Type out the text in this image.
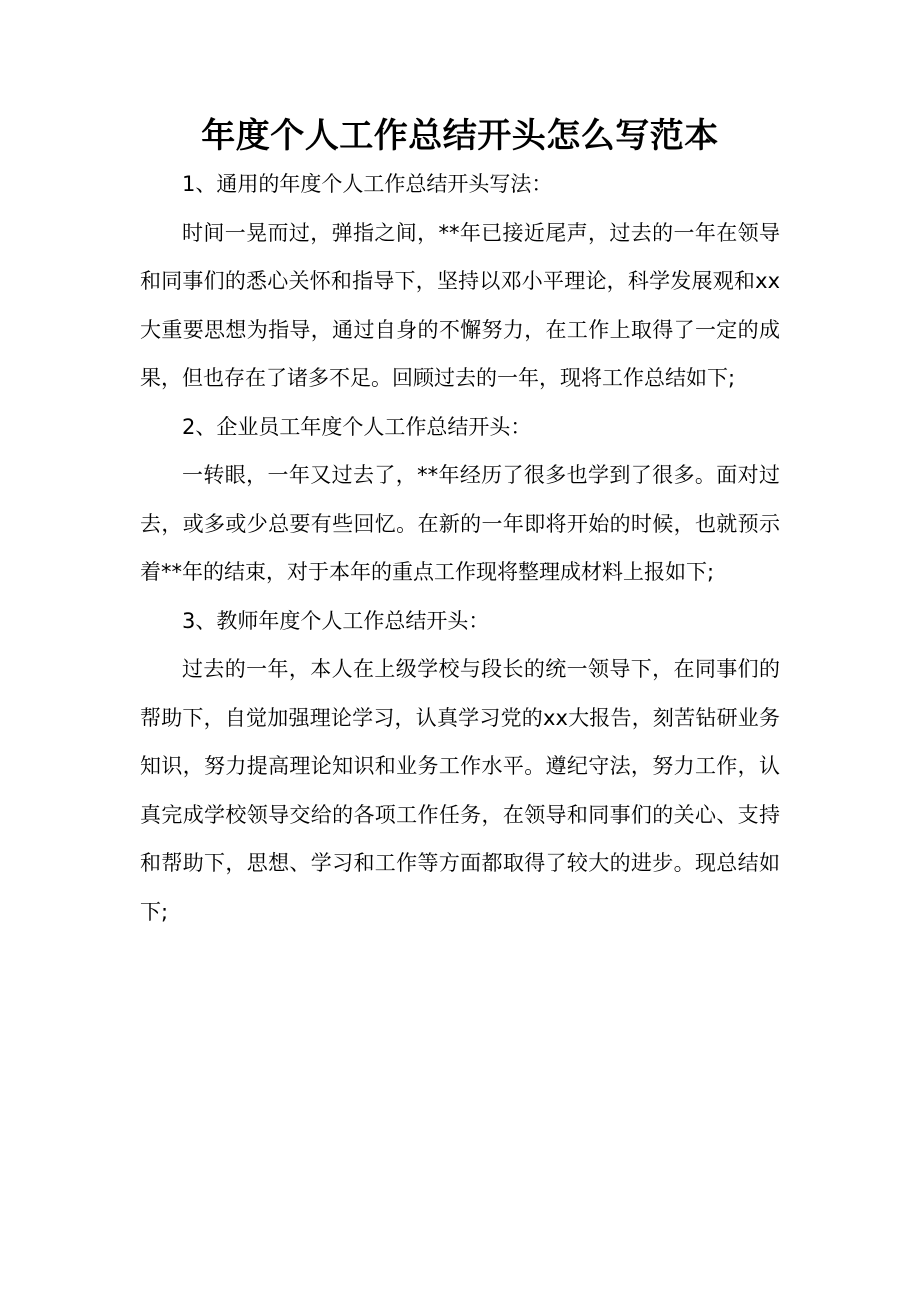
年度个人工作总结开头怎么写范本

1、通用的年度个人工作总结开头写法：

时间一晃而过，弹指之间，**年已接近尾声，过去的一年在领导和同事们的悉心关怀和指导下，坚持以邓小平理论，科学发展观和xx大重要思想为指导，通过自身的不懈努力，在工作上取得了一定的成果，但也存在了诸多不足。回顾过去的一年，现将工作总结如下;

2、企业员工年度个人工作总结开头：

一转眼，一年又过去了，**年经历了很多也学到了很多。面对过去，或多或少总要有些回忆。在新的一年即将开始的时候，也就预示着**年的结束，对于本年的重点工作现将整理成材料上报如下;

3、教师年度个人工作总结开头：

过去的一年，本人在上级学校与段长的统一领导下，在同事们的帮助下，自觉加强理论学习，认真学习党的xx大报告，刻苦钻研业务知识，努力提高理论知识和业务工作水平。遵纪守法，努力工作，认真完成学校领导交给的各项工作任务，在领导和同事们的关心、支持和帮助下，思想、学习和工作等方面都取得了较大的进步。现总结如下;
